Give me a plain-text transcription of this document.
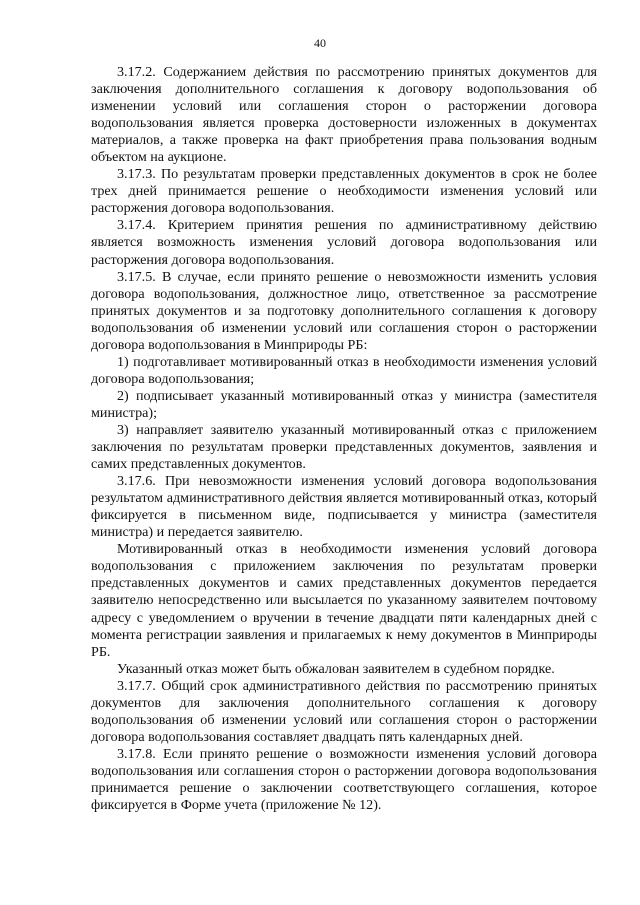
40

3.17.2. Содержанием действия по рассмотрению принятых документов для заключения дополнительного соглашения к договору водопользования об изменении условий или соглашения сторон о расторжении договора водопользования является проверка достоверности изложенных в документах материалов, а также проверка на факт приобретения права пользования водным объектом на аукционе.

3.17.3. По результатам проверки представленных документов в срок не более трех дней принимается решение о необходимости изменения условий или расторжения договора водопользования.

3.17.4. Критерием принятия решения по административному действию является возможность изменения условий договора водопользования или расторжения договора водопользования.

3.17.5. В случае, если принято решение о невозможности изменить условия договора водопользования, должностное лицо, ответственное за рассмотрение принятых документов и за подготовку дополнительного соглашения к договору водопользования об изменении условий или соглашения сторон о расторжении договора водопользования в Минприроды РБ:

1) подготавливает мотивированный отказ в необходимости изменения условий договора водопользования;

2) подписывает указанный мотивированный отказ у министра (заместителя министра);

3) направляет заявителю указанный мотивированный отказ с приложением заключения по результатам проверки представленных документов, заявления и самих представленных документов.

3.17.6. При невозможности изменения условий договора водопользования результатом административного действия является мотивированный отказ, который фиксируется в письменном виде, подписывается у министра (заместителя министра) и передается заявителю.

Мотивированный отказ в необходимости изменения условий договора водопользования с приложением заключения по результатам проверки представленных документов и самих представленных документов передается заявителю непосредственно или высылается по указанному заявителем почтовому адресу с уведомлением о вручении в течение двадцати пяти календарных дней с момента регистрации заявления и прилагаемых к нему документов в Минприроды РБ.

Указанный отказ может быть обжалован заявителем в судебном порядке.

3.17.7. Общий срок административного действия по рассмотрению принятых документов для заключения дополнительного соглашения к договору водопользования об изменении условий или соглашения сторон о расторжении договора водопользования составляет двадцать пять календарных дней.

3.17.8. Если принято решение о возможности изменения условий договора водопользования или соглашения сторон о расторжении договора водопользования принимается решение о заключении соответствующего соглашения, которое фиксируется в Форме учета (приложение № 12).
